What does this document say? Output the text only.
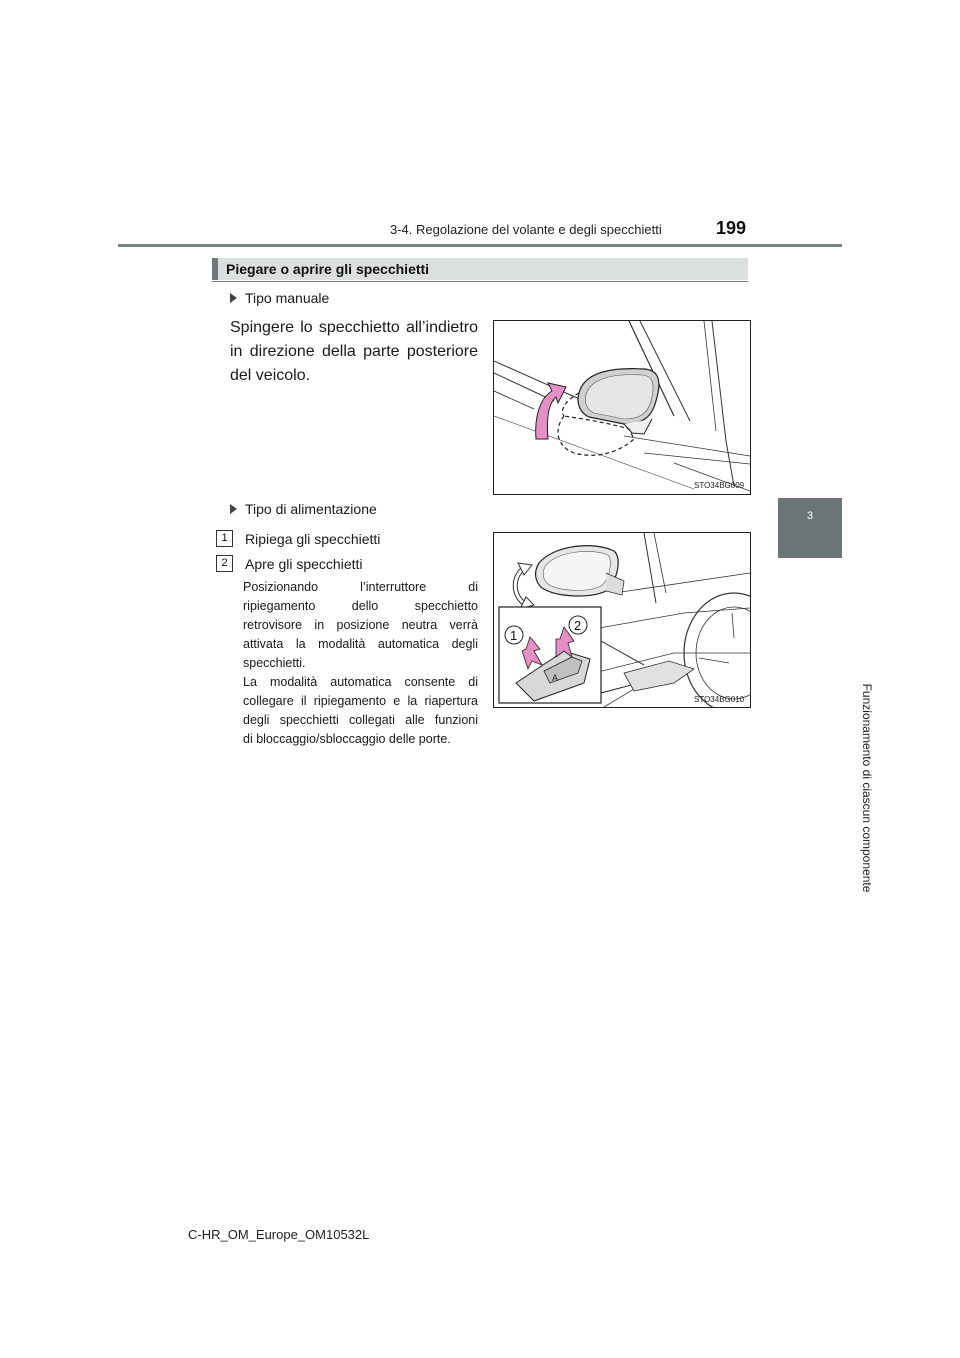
3-4. Regolazione del volante e degli specchietti	199
3
Funzionamento di ciascun componente
Piegare o aprire gli specchietti
Tipo manuale
Spingere lo specchietto all’indietro in direzione della parte posteriore del veicolo.
STO34BG009
Tipo di alimentazione
1	Ripiega gli specchietti
2	Apre gli specchietti
Posizionando l’interruttore di
ripiegamento dello specchietto
retrovisore in posizione neutra verrà
attivata la modalità automatica degli
specchietti.
La modalità automatica consente di
collegare il ripiegamento e la riapertura
degli specchietti collegati alle funzioni
di bloccaggio/sbloccaggio delle porte.
A
1
2
STO34BG010
C-HR_OM_Europe_OM10532L
